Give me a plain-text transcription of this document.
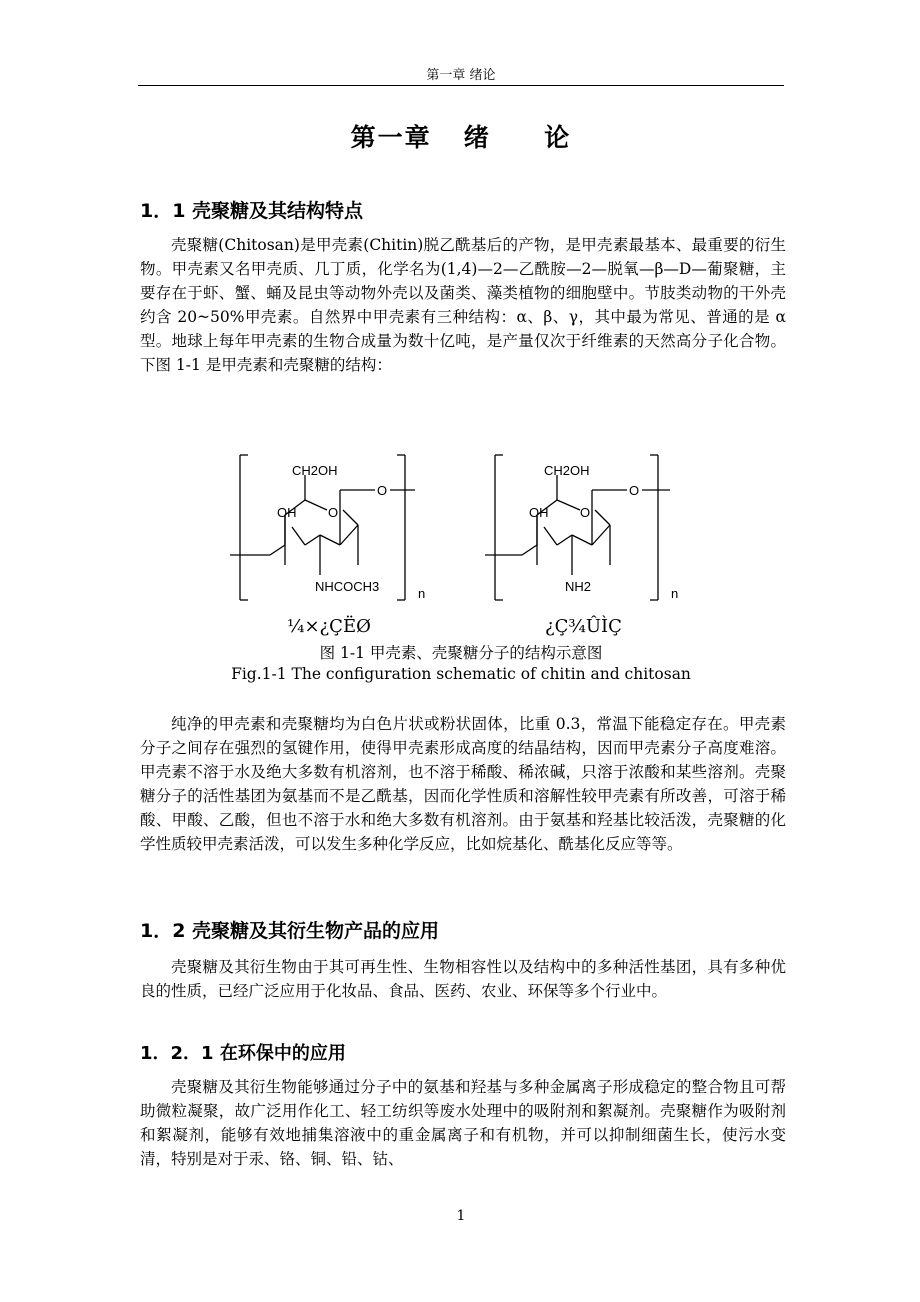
第一章 绪论
第一章   绪     论
1．1 壳聚糖及其结构特点
壳聚糖(Chitosan)是甲壳素(Chitin)脱乙酰基后的产物，是甲壳素最基本、最重要的衍生物。甲壳素又名甲壳质、几丁质，化学名为(1,4)—2—乙酰胺—2—脱氧—β—D—葡聚糖，主要存在于虾、蟹、蛹及昆虫等动物外壳以及菌类、藻类植物的细胞壁中。节肢类动物的干外壳约含 20~50%甲壳素。自然界中甲壳素有三种结构：α、β、γ，其中最为常见、普通的是 α 型。地球上每年甲壳素的生物合成量为数十亿吨，是产量仅次于纤维素的天然高分子化合物。下图 1-1 是甲壳素和壳聚糖的结构：
CH2OH
O
O
OH
NHCOCH3	n
CH2OH
O
O
OH
NH2	n
¼×¿ÇËØ	¿Ç¾ÛÌÇ
图 1-1 甲壳素、壳聚糖分子的结构示意图
Fig.1-1 The configuration schematic of chitin and chitosan
纯净的甲壳素和壳聚糖均为白色片状或粉状固体，比重 0.3，常温下能稳定存在。甲壳素分子之间存在强烈的氢键作用，使得甲壳素形成高度的结晶结构，因而甲壳素分子高度难溶。甲壳素不溶于水及绝大多数有机溶剂，也不溶于稀酸、稀浓碱，只溶于浓酸和某些溶剂。壳聚糖分子的活性基团为氨基而不是乙酰基，因而化学性质和溶解性较甲壳素有所改善，可溶于稀酸、甲酸、乙酸，但也不溶于水和绝大多数有机溶剂。由于氨基和羟基比较活泼，壳聚糖的化学性质较甲壳素活泼，可以发生多种化学反应，比如烷基化、酰基化反应等等。
1．2 壳聚糖及其衍生物产品的应用
壳聚糖及其衍生物由于其可再生性、生物相容性以及结构中的多种活性基团，具有多种优良的性质，已经广泛应用于化妆品、食品、医药、农业、环保等多个行业中。
1．2．1 在环保中的应用
壳聚糖及其衍生物能够通过分子中的氨基和羟基与多种金属离子形成稳定的整合物且可帮助微粒凝聚，故广泛用作化工、轻工纺织等废水处理中的吸附剂和絮凝剂。壳聚糖作为吸附剂和絮凝剂，能够有效地捕集溶液中的重金属离子和有机物，并可以抑制细菌生长，使污水变清，特别是对于汞、铬、铜、铅、钴、
1
